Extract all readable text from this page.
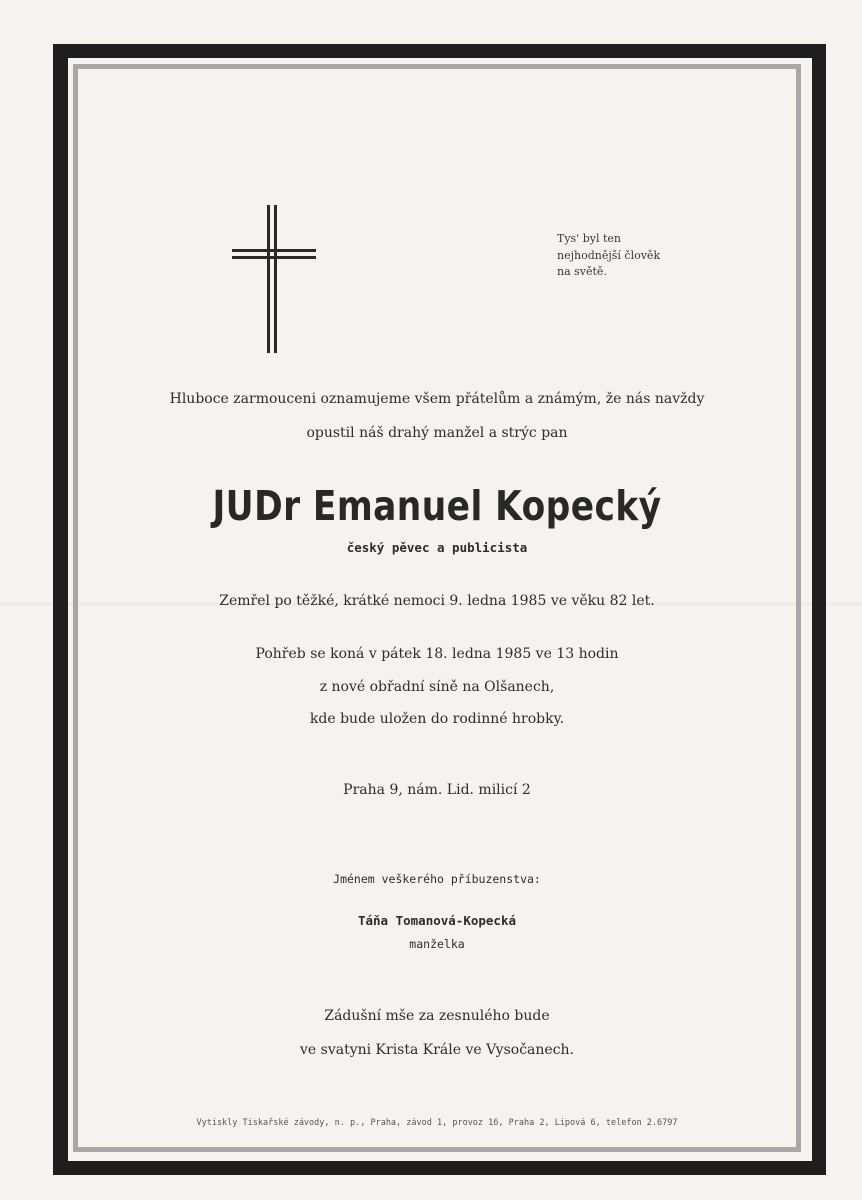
Tys' byl ten
nejhodnější člověk
na světě.

Hluboce zarmouceni oznamujeme všem přátelům a známým, že nás navždy

opustil náš drahý manžel a strýc pan

JUDr Emanuel Kopecký

český pěvec a publicista

Zemřel po těžké, krátké nemoci 9. ledna 1985 ve věku 82 let.

Pohřeb se koná v pátek 18. ledna 1985 ve 13 hodin

z nové obřadní síně na Olšanech,

kde bude uložen do rodinné hrobky.

Praha 9, nám. Lid. milicí 2

Jménem veškerého příbuzenstva:

Táňa Tomanová-Kopecká

manželka

Zádušní mše za zesnulého bude

ve svatyni Krista Krále ve Vysočanech.

Vytiskly Tiskařské závody, n. p., Praha, závod 1, provoz 16, Praha 2, Lipová 6, telefon 2.6797
